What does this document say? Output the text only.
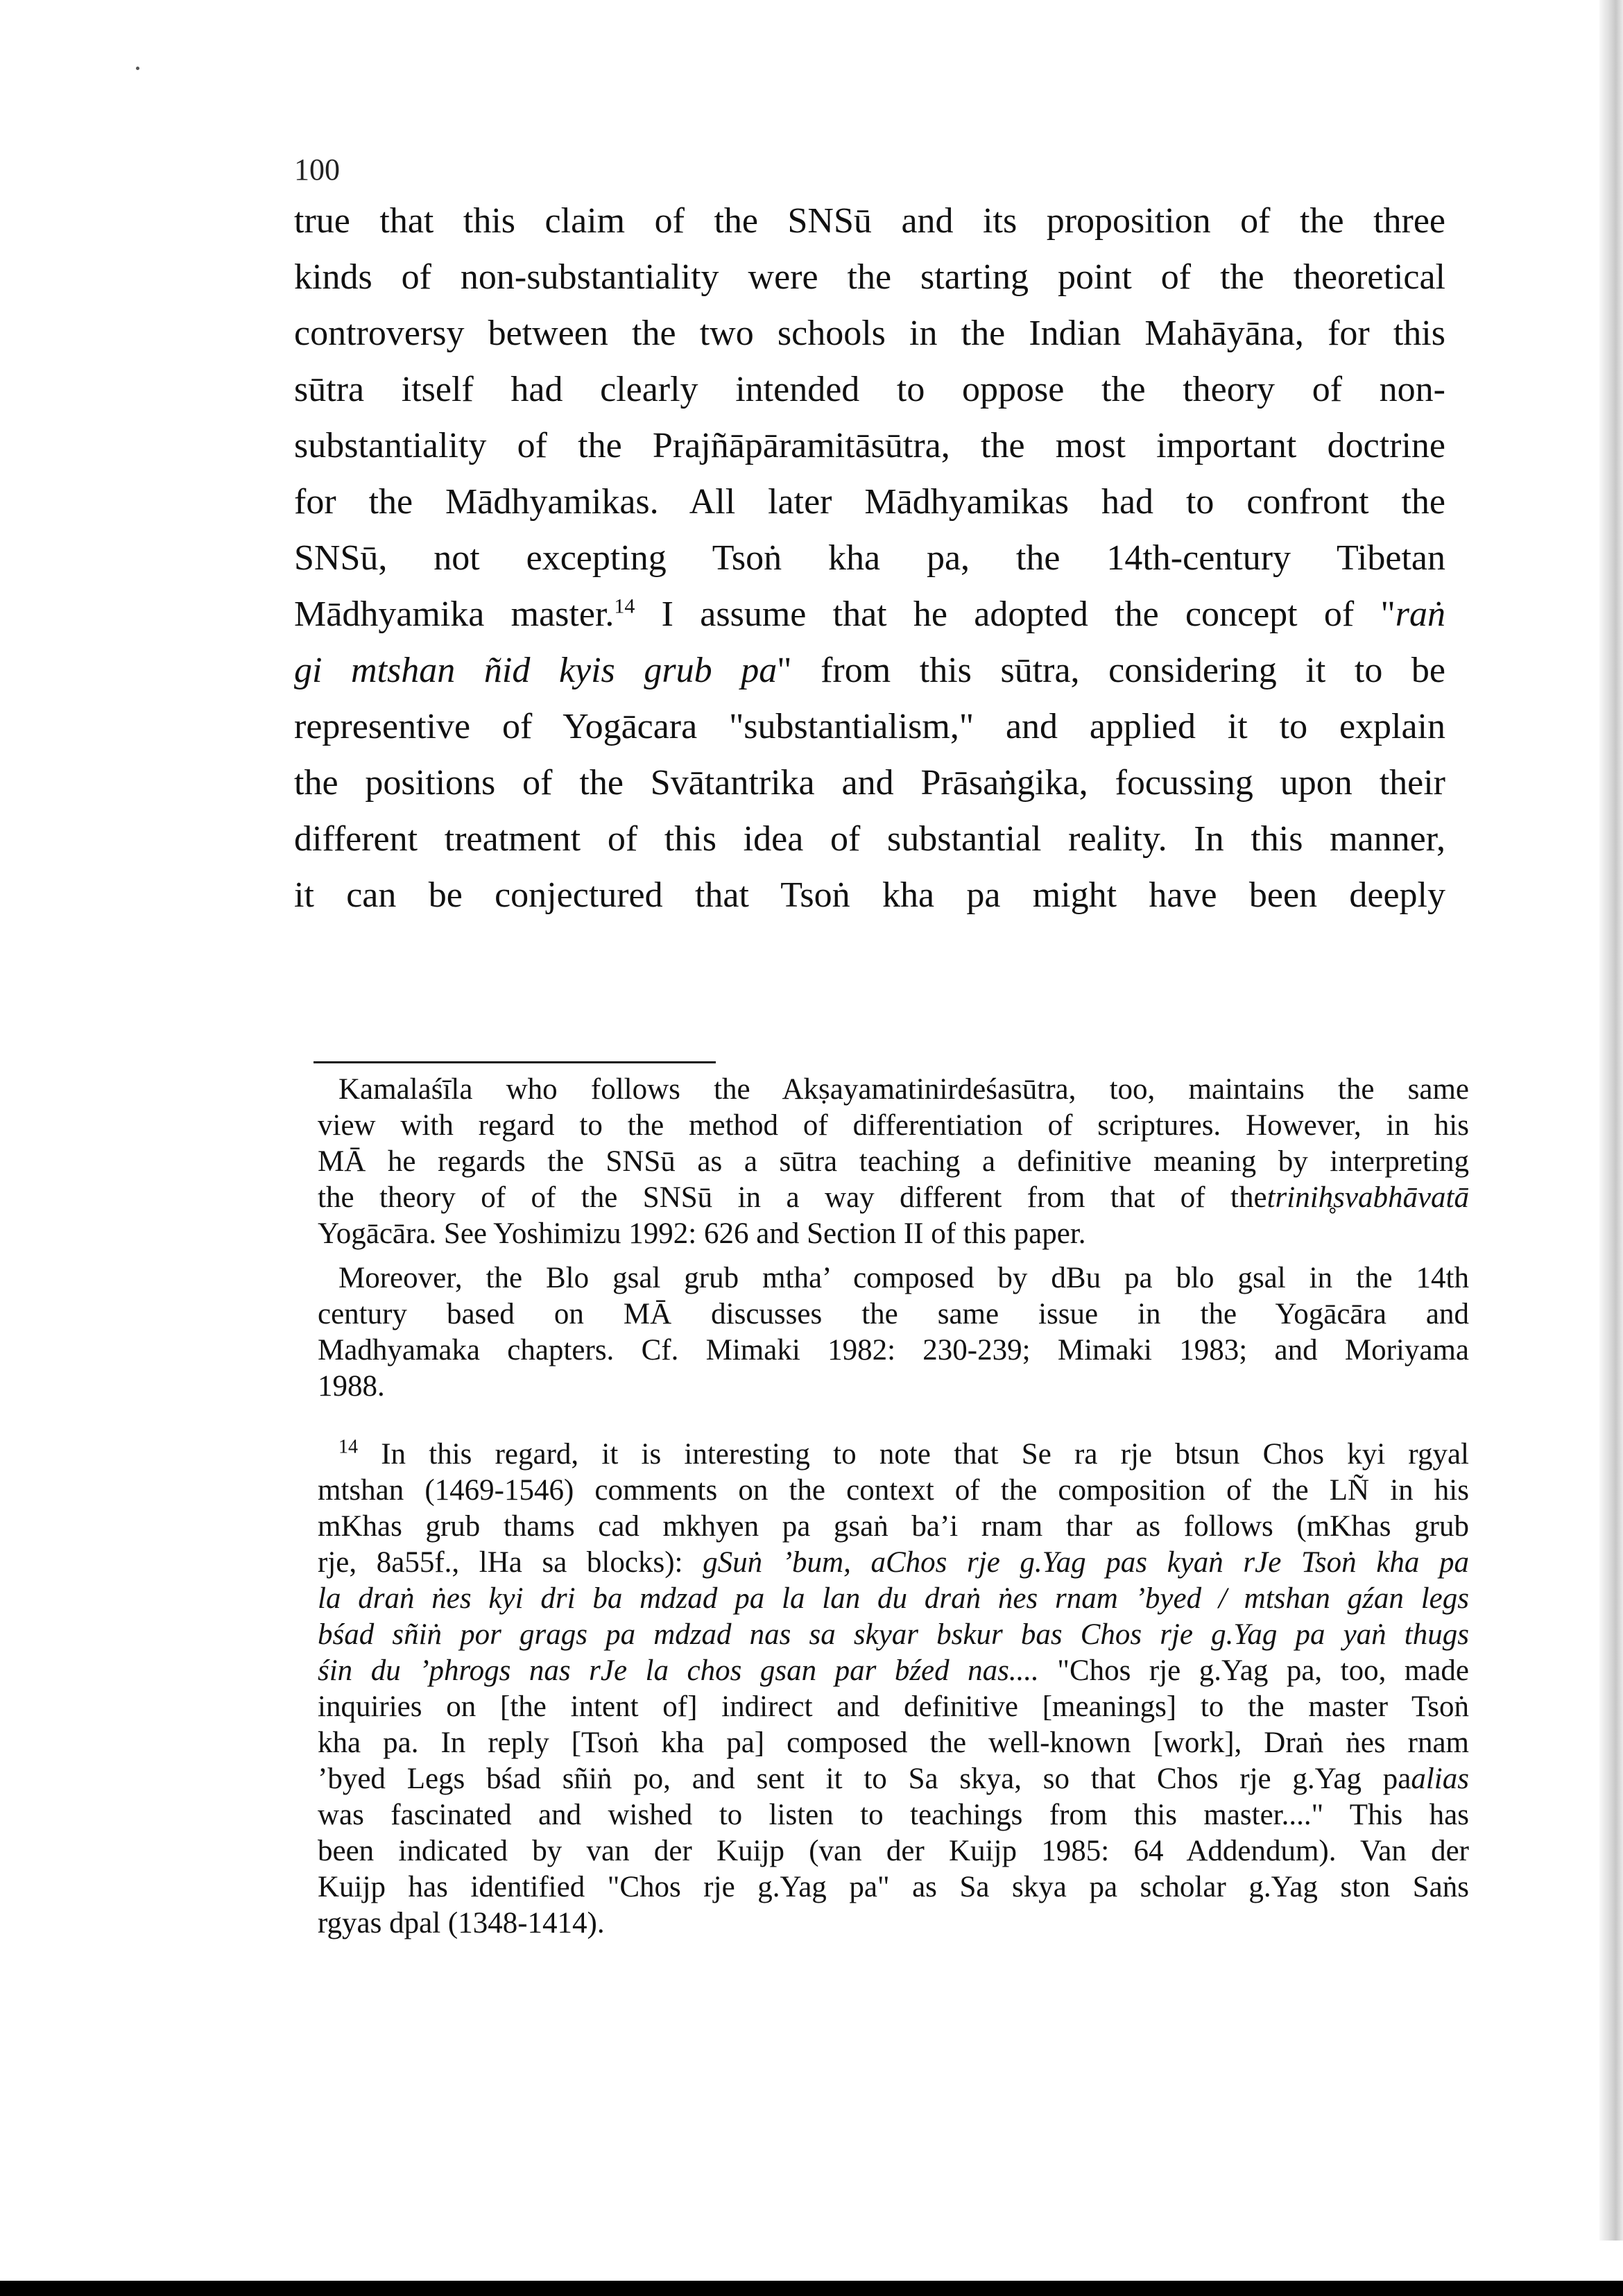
100
true that this claim of the SNSū and its proposition of the three
kinds of non-substantiality were the starting point of the theoretical
controversy between the two schools in the Indian Mahāyāna, for this
sūtra itself had clearly intended to oppose the theory of non-
substantiality of the Prajñāpāramitāsūtra, the most important doctrine
for the Mādhyamikas. All later Mādhyamikas had to confront the
SNSū, not excepting Tsoṅ kha pa, the 14th-century Tibetan
Mādhyamika master.$^{14}$ I assume that he adopted the concept of "raṅ
gi mtshan ñid kyis grub pa" from this sūtra, considering it to be
representive of Yogācara "substantialism," and applied it to explain
the positions of the Svātantrika and Prāsaṅgika, focussing upon their
different treatment of this idea of substantial reality. In this manner,
it can be conjectured that Tsoṅ kha pa might have been deeply
Kamalaśīla who follows the Akṣayamatinirdeśasūtra, too, maintains the same
view with regard to the method of differentiation of scriptures. However, in his
MĀ he regards the SNSū as a sūtra teaching a definitive meaning by interpreting
the theory of of the SNSū in a way different from that of thetrinih̥svabhāvatā
Yogācāra. See Yoshimizu 1992: 626 and Section II of this paper.
Moreover, the Blo gsal grub mtha’ composed by dBu pa blo gsal in the 14th
century based on MĀ discusses the same issue in the Yogācāra and
Madhyamaka chapters. Cf. Mimaki 1982: 230-239; Mimaki 1983; and Moriyama
1988.
$^{14}$ In this regard, it is interesting to note that Se ra rje btsun Chos kyi rgyal
mtshan (1469-1546) comments on the context of the composition of the LÑ in his
mKhas grub thams cad mkhyen pa gsaṅ ba’i rnam thar as follows (mKhas grub
rje, 8a55f., lHa sa blocks): gSuṅ ’bum, aChos rje g.Yag pas kyaṅ rJe Tsoṅ kha pa
la draṅ ṅes kyi dri ba mdzad pa la lan du draṅ ṅes rnam ’byed / mtshan gźan legs
bśad sñiṅ por grags pa mdzad nas sa skyar bskur bas Chos rje g.Yag pa yaṅ thugs
śin du ’phrogs nas rJe la chos gsan par bźed nas.... "Chos rje g.Yag pa, too, made
inquiries on [the intent of] indirect and definitive [meanings] to the master Tsoṅ
kha pa. In reply [Tsoṅ kha pa] composed the well-known [work], Draṅ ṅes rnam
’byed Legs bśad sñiṅ po, and sent it to Sa skya, so that Chos rje g.Yag paalias
was fascinated and wished to listen to teachings from this master...." This has
been indicated by van der Kuijp (van der Kuijp 1985: 64 Addendum). Van der
Kuijp has identified "Chos rje g.Yag pa" as Sa skya pa scholar g.Yag ston Saṅs
rgyas dpal (1348-1414).
